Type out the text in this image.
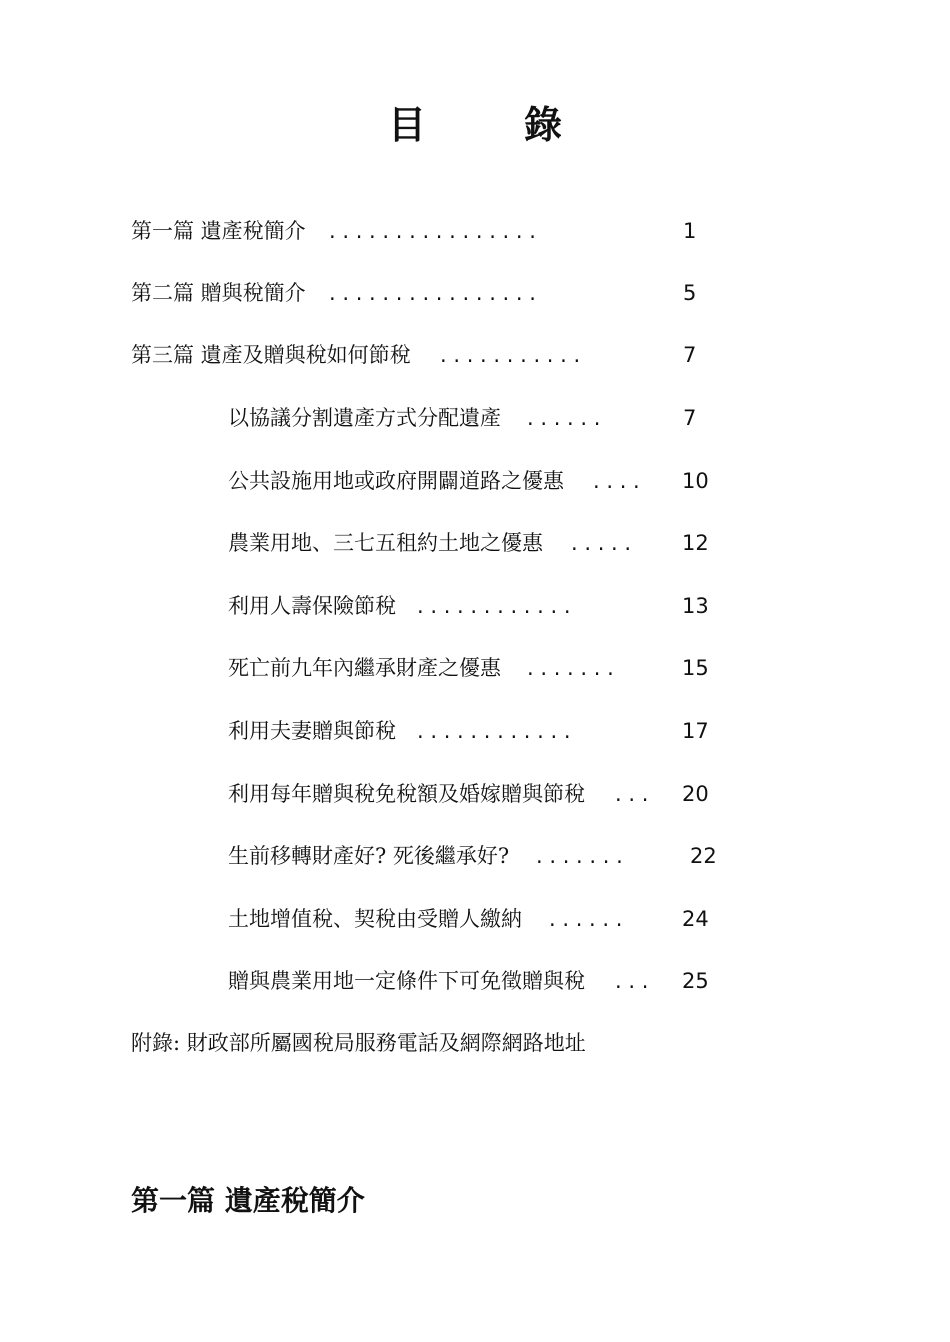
目　錄
第一篇 遺產稅簡介 . . . . . . . . . . . . . . . .	1
第二篇 贈與稅簡介 . . . . . . . . . . . . . . . .	5
第三篇 遺產及贈與稅如何節稅 . . . . . . . . . . .	7
以協議分割遺產方式分配遺產 . . . . . .	7
公共設施用地或政府開闢道路之優惠 . . . . 10
農業用地、三七五租約土地之優惠 . . . . . 12
利用人壽保險節稅 . . . . . . . . . . . .	13
死亡前九年內繼承財產之優惠 . . . . . . .	15
利用夫妻贈與節稅 . . . . . . . . . . . .	17
利用每年贈與稅免稅額及婚嫁贈與節稅 . . . 20
生前移轉財產好? 死後繼承好? . . . . . . .	22
土地增值稅、契稅由受贈人繳納 . . . . . .	24
贈與農業用地一定條件下可免徵贈與稅 . . . 25
附錄: 財政部所屬國稅局服務電話及網際網路地址
第一篇 遺產稅簡介
